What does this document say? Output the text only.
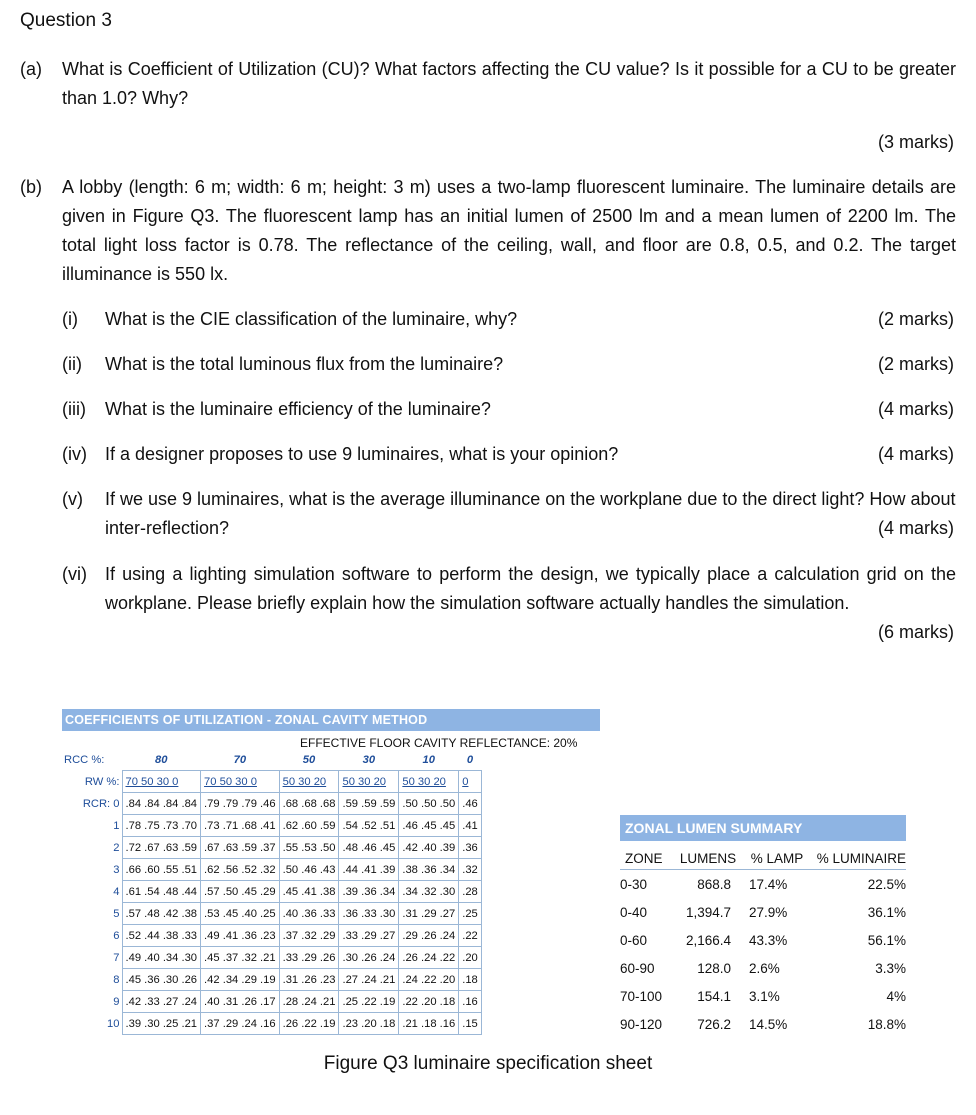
Question 3
(a) What is Coefficient of Utilization (CU)? What factors affecting the CU value? Is it possible for a CU to be greater than 1.0? Why?
(3 marks)
(b) A lobby (length: 6 m; width: 6 m; height: 3 m) uses a two-lamp fluorescent luminaire. The luminaire details are given in Figure Q3. The fluorescent lamp has an initial lumen of 2500 lm and a mean lumen of 2200 lm. The total light loss factor is 0.78. The reflectance of the ceiling, wall, and floor are 0.8, 0.5, and 0.2. The target illuminance is 550 lx.
(i) What is the CIE classification of the luminaire, why?	(2 marks)
(ii) What is the total luminous flux from the luminaire?	(2 marks)
(iii) What is the luminaire efficiency of the luminaire?	(4 marks)
(iv) If a designer proposes to use 9 luminaires, what is your opinion?	(4 marks)
(v) If we use 9 luminaires, what is the average illuminance on the workplane due to the direct light? How about inter-reflection?	(4 marks)
(vi) If using a lighting simulation software to perform the design, we typically place a calculation grid on the workplane. Please briefly explain how the simulation software actually handles the simulation.
(6 marks)
COEFFICIENTS OF UTILIZATION - ZONAL CAVITY METHOD
EFFECTIVE FLOOR CAVITY REFLECTANCE: 20%
RCC %:	80	70	50	30	10	0
RW %:	70 50 30 0	70 50 30 0	50 30 20	50 30 20	50 30 20	0
RCR: 0	.84 .84 .84 .84	.79 .79 .79 .46	.68 .68 .68	.59 .59 .59	.50 .50 .50	.46
1	.78 .75 .73 .70	.73 .71 .68 .41	.62 .60 .59	.54 .52 .51	.46 .45 .45	.41
2	.72 .67 .63 .59	.67 .63 .59 .37	.55 .53 .50	.48 .46 .45	.42 .40 .39	.36
3	.66 .60 .55 .51	.62 .56 .52 .32	.50 .46 .43	.44 .41 .39	.38 .36 .34	.32
4	.61 .54 .48 .44	.57 .50 .45 .29	.45 .41 .38	.39 .36 .34	.34 .32 .30	.28
5	.57 .48 .42 .38	.53 .45 .40 .25	.40 .36 .33	.36 .33 .30	.31 .29 .27	.25
6	.52 .44 .38 .33	.49 .41 .36 .23	.37 .32 .29	.33 .29 .27	.29 .26 .24	.22
7	.49 .40 .34 .30	.45 .37 .32 .21	.33 .29 .26	.30 .26 .24	.26 .24 .22	.20
8	.45 .36 .30 .26	.42 .34 .29 .19	.31 .26 .23	.27 .24 .21	.24 .22 .20	.18
9	.42 .33 .27 .24	.40 .31 .26 .17	.28 .24 .21	.25 .22 .19	.22 .20 .18	.16
10	.39 .30 .25 .21	.37 .29 .24 .16	.26 .22 .19	.23 .20 .18	.21 .18 .16	.15
ZONAL LUMEN SUMMARY
ZONE	LUMENS	% LAMP	% LUMINAIRE
0-30	868.8	17.4%	22.5%
0-40	1,394.7	27.9%	36.1%
0-60	2,166.4	43.3%	56.1%
60-90	128.0	2.6%	3.3%
70-100	154.1	3.1%	4%
90-120	726.2	14.5%	18.8%
Figure Q3 luminaire specification sheet
